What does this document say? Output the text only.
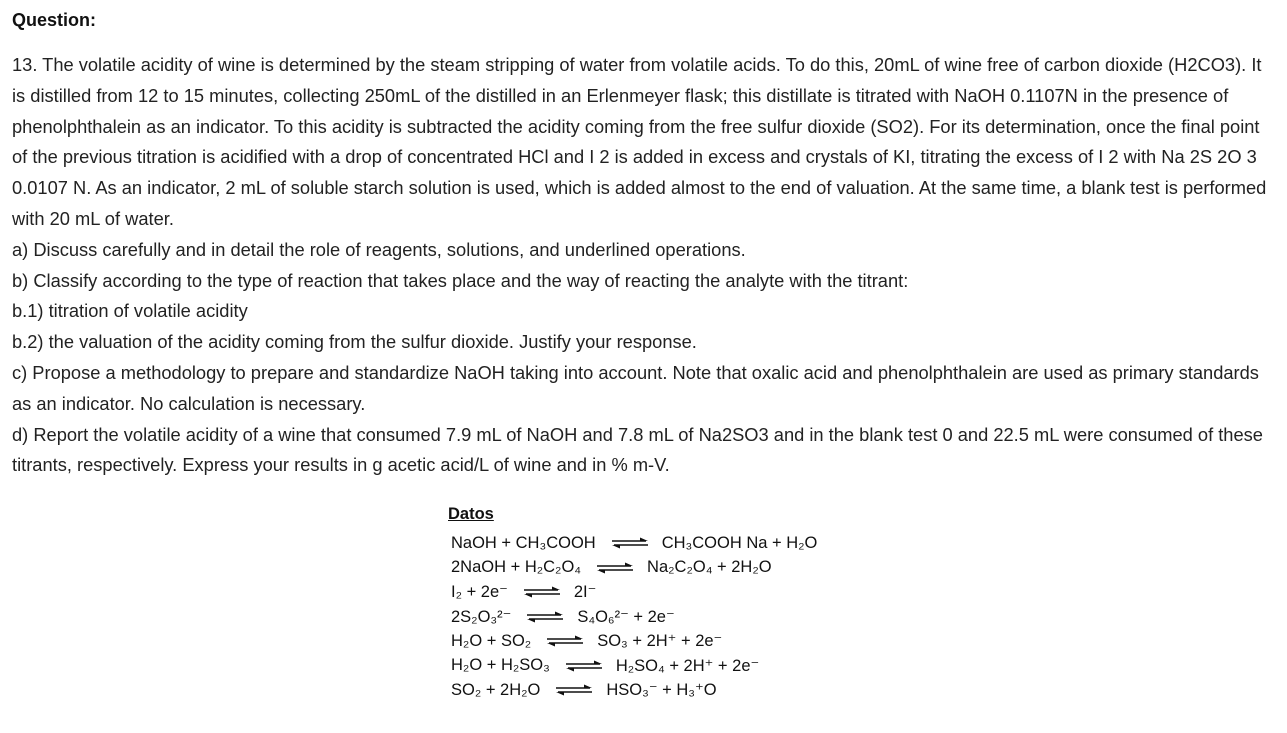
Question:

13. The volatile acidity of wine is determined by the steam stripping of water from volatile acids. To do this, 20mL of wine free of carbon dioxide (H2CO3). It is distilled from 12 to 15 minutes, collecting 250mL of the distilled in an Erlenmeyer flask; this distillate is titrated with NaOH 0.1107N in the presence of phenolphthalein as an indicator. To this acidity is subtracted the acidity coming from the free sulfur dioxide (SO2). For its determination, once the final point of the previous titration is acidified with a drop of concentrated HCl and I 2 is added in excess and crystals of KI, titrating the excess of I 2 with Na 2S 2O 3 0.0107 N. As an indicator, 2 mL of soluble starch solution is used, which is added almost to the end of valuation. At the same time, a blank test is performed with 20 mL of water.

a) Discuss carefully and in detail the role of reagents, solutions, and underlined operations.

b) Classify according to the type of reaction that takes place and the way of reacting the analyte with the titrant:

b.1) titration of volatile acidity

b.2) the valuation of the acidity coming from the sulfur dioxide. Justify your response.

c) Propose a methodology to prepare and standardize NaOH taking into account. Note that oxalic acid and phenolphthalein are used as primary standards as an indicator. No calculation is necessary.

d) Report the volatile acidity of a wine that consumed 7.9 mL of NaOH and 7.8 mL of Na2SO3 and in the blank test 0 and 22.5 mL were consumed of these titrants, respectively. Express your results in g acetic acid/L of wine and in % m-V.

Datos
NaOH + CH₃COOH ⇌ CH₃COOH Na + H₂O
2NaOH + H₂C₂O₄ ⇌ Na₂C₂O₄ + 2H₂O
I₂ + 2e⁻ ⇌ 2I⁻
2S₂O₃²⁻ ⇌ S₄O₆²⁻ + 2e⁻
H₂O + SO₂ ⇌ SO₃ + 2H⁺ + 2e⁻
H₂O + H₂SO₃ ⇌ H₂SO₄ + 2H⁺ + 2e⁻
SO₂ + 2H₂O ⇌ HSO₃⁻ + H₃⁺O
